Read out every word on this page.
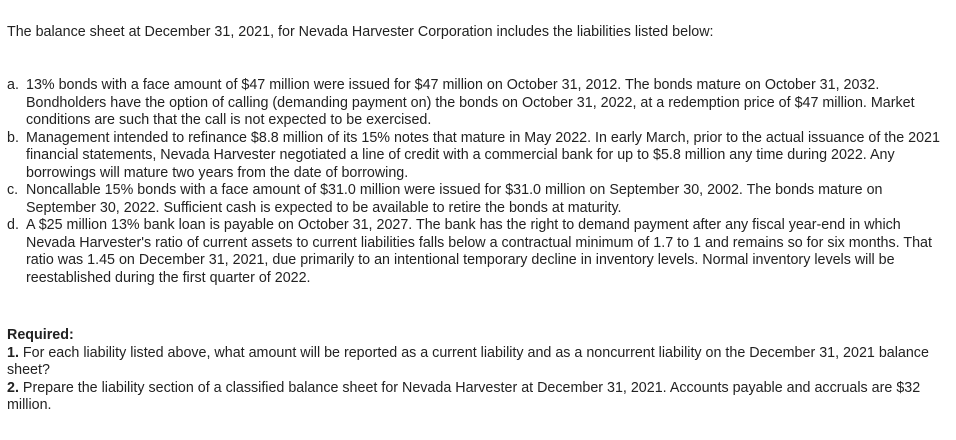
The balance sheet at December 31, 2021, for Nevada Harvester Corporation includes the liabilities listed below:

a. 13% bonds with a face amount of $47 million were issued for $47 million on October 31, 2012. The bonds mature on October 31, 2032. Bondholders have the option of calling (demanding payment on) the bonds on October 31, 2022, at a redemption price of $47 million. Market conditions are such that the call is not expected to be exercised.
b. Management intended to refinance $8.8 million of its 15% notes that mature in May 2022. In early March, prior to the actual issuance of the 2021 financial statements, Nevada Harvester negotiated a line of credit with a commercial bank for up to $5.8 million any time during 2022. Any borrowings will mature two years from the date of borrowing.
c. Noncallable 15% bonds with a face amount of $31.0 million were issued for $31.0 million on September 30, 2002. The bonds mature on September 30, 2022. Sufficient cash is expected to be available to retire the bonds at maturity.
d. A $25 million 13% bank loan is payable on October 31, 2027. The bank has the right to demand payment after any fiscal year-end in which Nevada Harvester's ratio of current assets to current liabilities falls below a contractual minimum of 1.7 to 1 and remains so for six months. That ratio was 1.45 on December 31, 2021, due primarily to an intentional temporary decline in inventory levels. Normal inventory levels will be reestablished during the first quarter of 2022.

Required:

1. For each liability listed above, what amount will be reported as a current liability and as a noncurrent liability on the December 31, 2021 balance sheet?

2. Prepare the liability section of a classified balance sheet for Nevada Harvester at December 31, 2021. Accounts payable and accruals are $32 million.
